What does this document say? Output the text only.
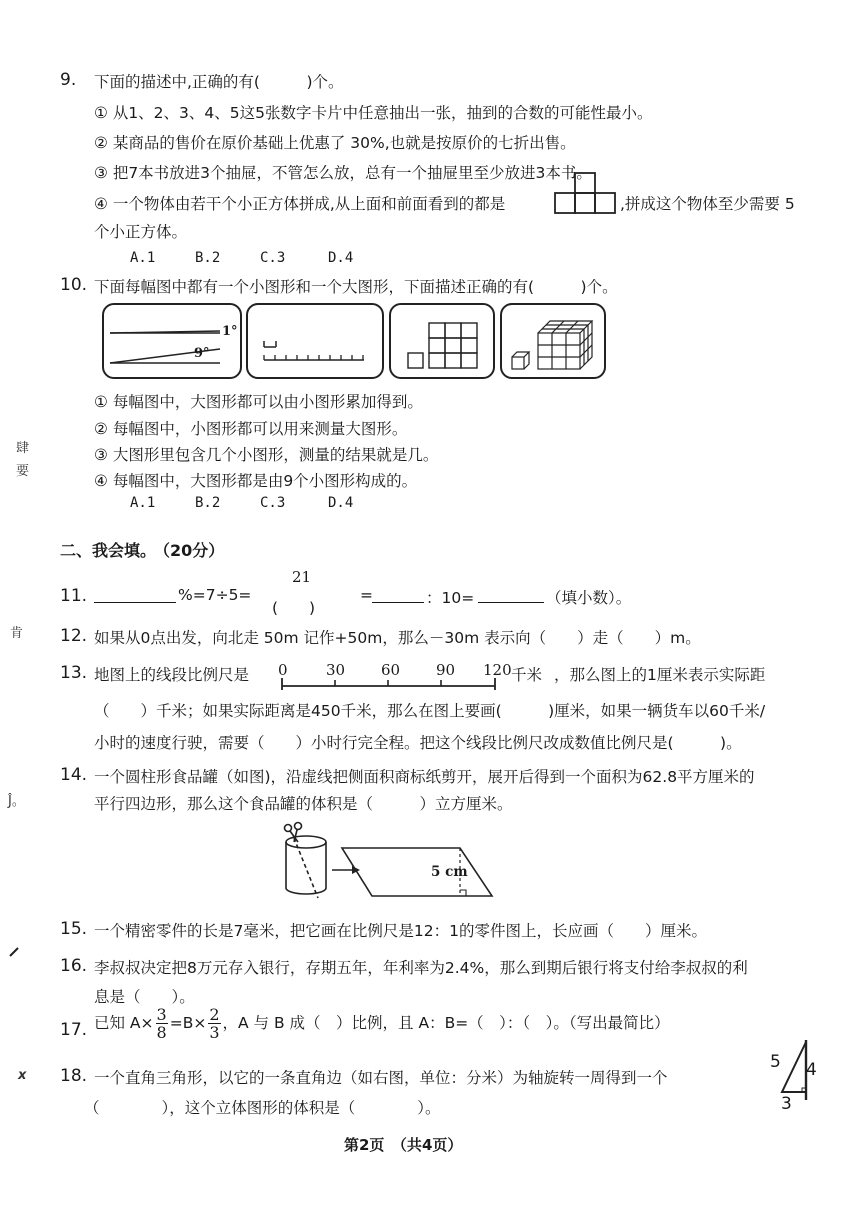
肆
要
肯
Ĵ。
x
9. 下面的描述中,正确的有(　　　)个。
① 从1、2、3、4、5这5张数字卡片中任意抽出一张，抽到的合数的可能性最小。
② 某商品的售价在原价基础上优惠了 30%,也就是按原价的七折出售。
③ 把7本书放进3个抽屉，不管怎么放，总有一个抽屉里至少放进3本书。
④ 一个物体由若干个小正方体拼成,从上面和前面看到的都是	,拼成这个物体至少需要 5
个小正方体。
A.1	B.2	C.3	D.4
10. 下面每幅图中都有一个小图形和一个大图形，下面描述正确的有(　　　)个。
1°
9°
① 每幅图中，大图形都可以由小图形累加得到。
② 每幅图中，小图形都可以用来测量大图形。
③ 大图形里包含几个小图形，测量的结果就是几。
④ 每幅图中，大图形都是由9个小图形构成的。
A.1	B.2	C.3	D.4
二、我会填。 （20分）
11.	%=7÷5=
21
(　　)
=	：10=	（填小数）。
12. 如果从0点出发，向北走 50m 记作+50m，那么－30m 表示向（　　）走（　　）m。
13. 地图上的线段比例尺是 0	30 60 90 120 千米 ，那么图上的1厘米表示实际距
（　　）千米；如果实际距离是450千米，那么在图上要画(　　　)厘米，如果一辆货车以60千米/
小时的速度行驶，需要（　　）小时行完全程。把这个线段比例尺改成数值比例尺是(　　　)。
14. 一个圆柱形食品罐（如图)，沿虚线把侧面积商标纸剪开，展开后得到一个面积为62.8平方厘米的
平行四边形，那么这个食品罐的体积是（　　　）立方厘米。
5 cm
15. 一个精密零件的长是7毫米，把它画在比例尺是12：1的零件图上，长应画（　　）厘米。
16. 李叔叔决定把8万元存入银行，存期五年，年利率为2.4%，那么到期后银行将支付给李叔叔的利
息是（　　）。
17. 已知 $A\times \frac{3}{8} =B\times \frac{2}{3}$ ，A 与 B 成（　）比例，且 A：B=（　）：（　）。（写出最简比）
18. 一个直角三角形，以它的一条直角边（如右图，单位：分米）为轴旋转一周得到一个
（　　　　），这个立体图形的体积是（　　　　）。
5 4
3
第2页　（共4页）
